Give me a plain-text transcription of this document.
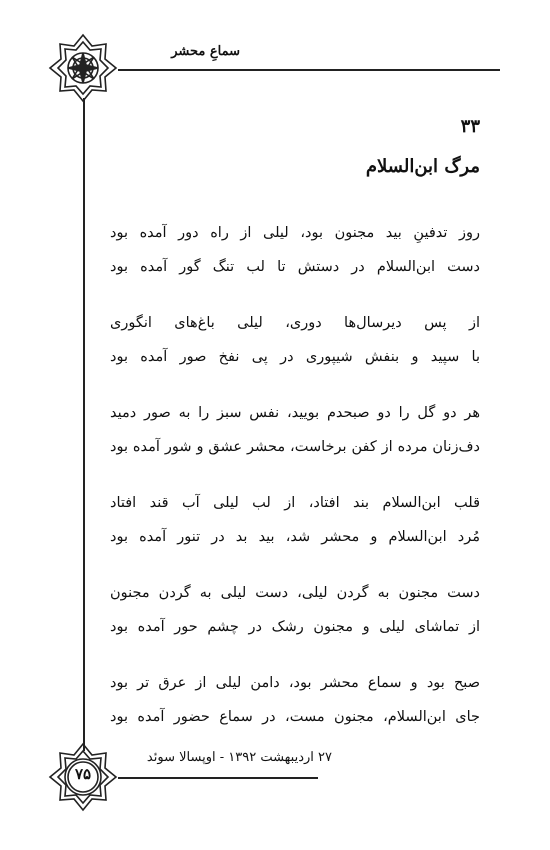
سماعِ محشر
۳۳
مرگ ابن‌السلام
روز تدفینِ بید مجنون بود، لیلی از راه دور آمده بود
دست ابن‌السلام در دستش تا لب تنگ گور آمده بود
از پس دیرسال‌ها دوری، لیلی باغ‌های انگوری
با سپید و بنفش شیپوری در پی نفخ صور آمده بود
هر دو گل را دو صبحدم بویید، نفس سبز را به صور دمید
دف‌زنان مرده از کفن برخاست، محشر عشق و شور آمده بود
قلب ابن‌السلام بند افتاد، از لب لیلی آب قند افتاد
مُرد ابن‌السلام و محشر شد، بید بد در تنور آمده بود
دست مجنون به گردن لیلی، دست لیلی به گردن مجنون
از تماشای لیلی و مجنون رشک در چشم حور آمده بود
صبح بود و سماع محشر بود، دامن لیلی از عرق تر بود
جای ابن‌السلام، مجنون مست، در سماع حضور آمده بود
۲۷ اردیبهشت ۱۳۹۲ - اوپسالا سوئد
۷۵
